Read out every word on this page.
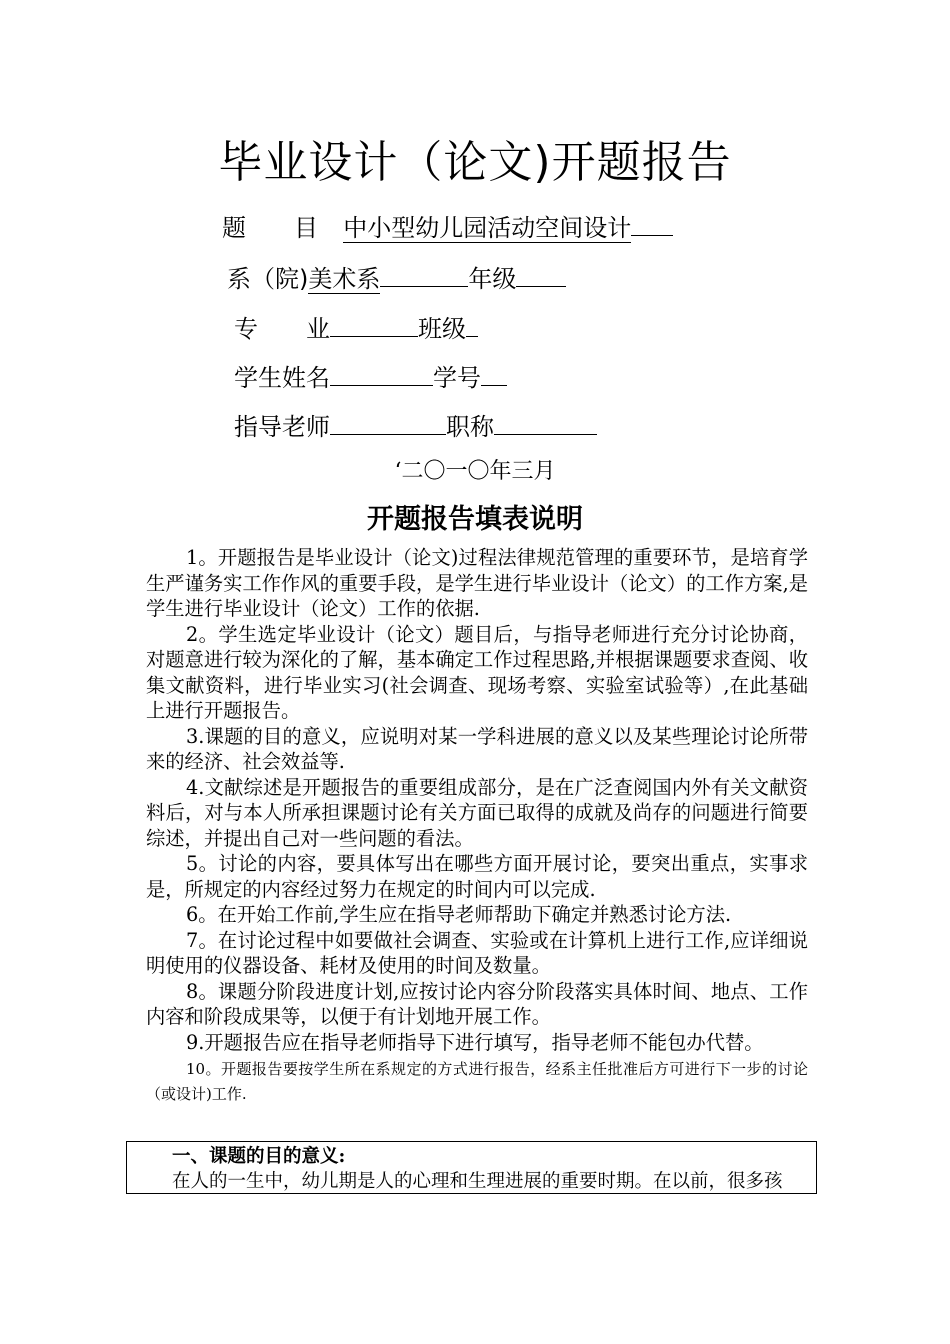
毕业设计（论文)开题报告
题　　目 中小型幼儿园活动空间设计
系（院)美术系	年级
专　　业	班级
学生姓名	学号
指导老师	职称
‘二〇一〇年三月
开题报告填表说明

1。开题报告是毕业设计（论文)过程法律规范管理的重要环节，是培育学生严谨务实工作作风的重要手段，是学生进行毕业设计（论文）的工作方案,是学生进行毕业设计（论文）工作的依据.

2。学生选定毕业设计（论文）题目后，与指导老师进行充分讨论协商，对题意进行较为深化的了解，基本确定工作过程思路,并根据课题要求查阅、收集文献资料，进行毕业实习(社会调查、现场考察、实验室试验等）,在此基础上进行开题报告。

3.课题的目的意义，应说明对某一学科进展的意义以及某些理论讨论所带来的经济、社会效益等.

4.文献综述是开题报告的重要组成部分，是在广泛查阅国内外有关文献资料后，对与本人所承担课题讨论有关方面已取得的成就及尚存的问题进行简要综述，并提出自己对一些问题的看法。

5。讨论的内容，要具体写出在哪些方面开展讨论，要突出重点，实事求是，所规定的内容经过努力在规定的时间内可以完成.

6。在开始工作前,学生应在指导老师帮助下确定并熟悉讨论方法.

7。在讨论过程中如要做社会调查、实验或在计算机上进行工作,应详细说明使用的仪器设备、耗材及使用的时间及数量。

8。课题分阶段进度计划,应按讨论内容分阶段落实具体时间、地点、工作内容和阶段成果等，以便于有计划地开展工作。

9.开题报告应在指导老师指导下进行填写，指导老师不能包办代替。

10。开题报告要按学生所在系规定的方式进行报告，经系主任批准后方可进行下一步的讨论（或设计)工作.

一、课题的目的意义:
在人的一生中，幼儿期是人的心理和生理进展的重要时期。在以前，很多孩
